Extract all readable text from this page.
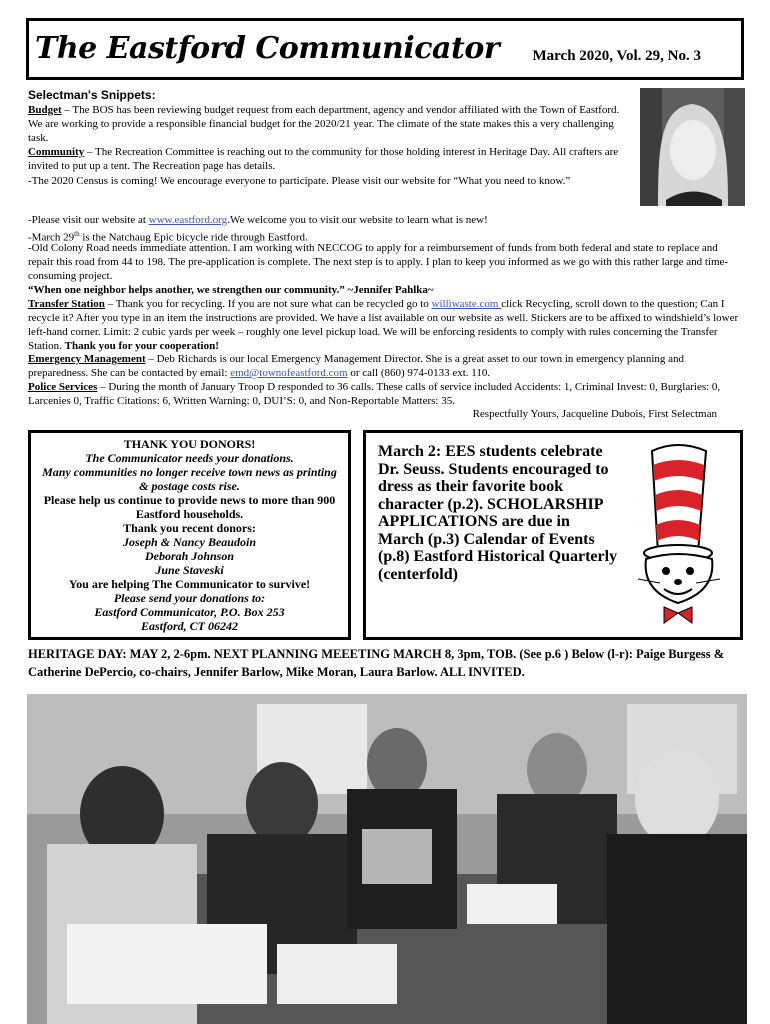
The Eastford Communicator March 2020, Vol. 29, No. 3
Selectman's Snippets:
Budget – The BOS has been reviewing budget request from each department, agency and vendor affiliated with the Town of Eastford. We are working to provide a responsible financial budget for the 2020/21 year. The climate of the state makes this a very challenging task.
Community – The Recreation Committee is reaching out to the community for those holding interest in Heritage Day. All crafters are invited to put up a tent. The Recreation page has details.
-The 2020 Census is coming! We encourage everyone to participate. Please visit our website for “What you need to know.”
-Please visit our website at www.eastford.org.We welcome you to visit our website to learn what is new!
-March 29th is the Natchaug Epic bicycle ride through Eastford.
-Old Colony Road needs immediate attention. I am working with NECCOG to apply for a reimbursement of funds from both federal and state to replace and repair this road from 44 to 198. The pre-application is complete. The next step is to apply. I plan to keep you informed as we go with this rather large and time-consuming project.
“When one neighbor helps another, we strengthen our community.” ~Jennifer Pahlka~
Transfer Station – Thank you for recycling. If you are not sure what can be recycled go to williwaste.com click Recycling, scroll down to the question; Can I recycle it? After you type in an item the instructions are provided. We have a list available on our website as well. Stickers are to be affixed to windshield’s lower left-hand corner. Limit: 2 cubic yards per week – roughly one level pickup load. We will be enforcing residents to comply with rules concerning the Transfer Station. Thank you for your cooperation!
Emergency Management – Deb Richards is our local Emergency Management Director. She is a great asset to our town in emergency planning and preparedness. She can be contacted by email: emd@townofeastford.com or call (860) 974-0133 ext. 110.
Police Services – During the month of January Troop D responded to 36 calls. These calls of service included Accidents: 1, Criminal Invest: 0, Burglaries: 0, Larcenies 0, Traffic Citations: 6, Written Warning: 0, DUI’S: 0, and Non-Reportable Matters: 35.
Respectfully Yours, Jacqueline Dubois, First Selectman
THANK YOU DONORS!
The Communicator needs your donations.
Many communities no longer receive town news as printing & postage costs rise.
Please help us continue to provide news to more than 900 Eastford households.
Thank you recent donors:
Joseph & Nancy Beaudoin
Deborah Johnson
June Staveski
You are helping The Communicator to survive!
Please send your donations to:
Eastford Communicator, P.O. Box 253
Eastford, CT 06242
March 2: EES students celebrate Dr. Seuss. Students encouraged to dress as their favorite book character (p.2). SCHOLARSHIP APPLICATIONS are due in March (p.3) Calendar of Events (p.8) Eastford Historical Quarterly (centerfold)
HERITAGE DAY: MAY 2, 2-6pm. NEXT PLANNING MEEETING MARCH 8, 3pm, TOB. (See p.6 ) Below (l-r): Paige Burgess & Catherine DePercio, co-chairs, Jennifer Barlow, Mike Moran, Laura Barlow. ALL INVITED.
